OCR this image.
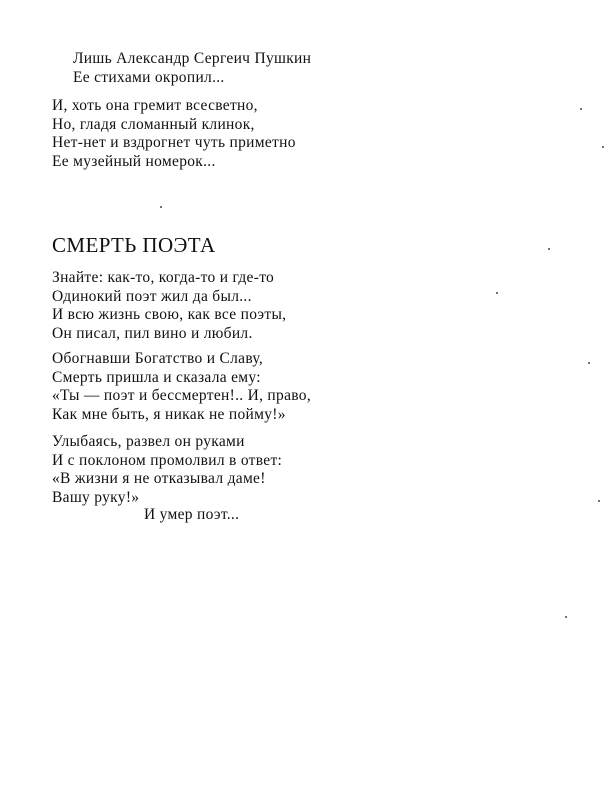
Лишь Александр Сергеич Пушкин
Ее стихами окропил...
И, хоть она гремит всесветно,
Но, гладя сломанный клинок,
Нет-нет и вздрогнет чуть приметно
Ее музейный номерок...
СМЕРТЬ ПОЭТА
Знайте: как-то, когда-то и где-то
Одинокий поэт жил да был...
И всю жизнь свою, как все поэты,
Он писал, пил вино и любил.
Обогнавши Богатство и Славу,
Смерть пришла и сказала ему:
«Ты — поэт и бессмертен!.. И, право,
Как мне быть, я никак не пойму!»
Улыбаясь, развел он руками
И с поклоном промолвил в ответ:
«В жизни я не отказывал даме!
Вашу руку!»
И умер поэт...
